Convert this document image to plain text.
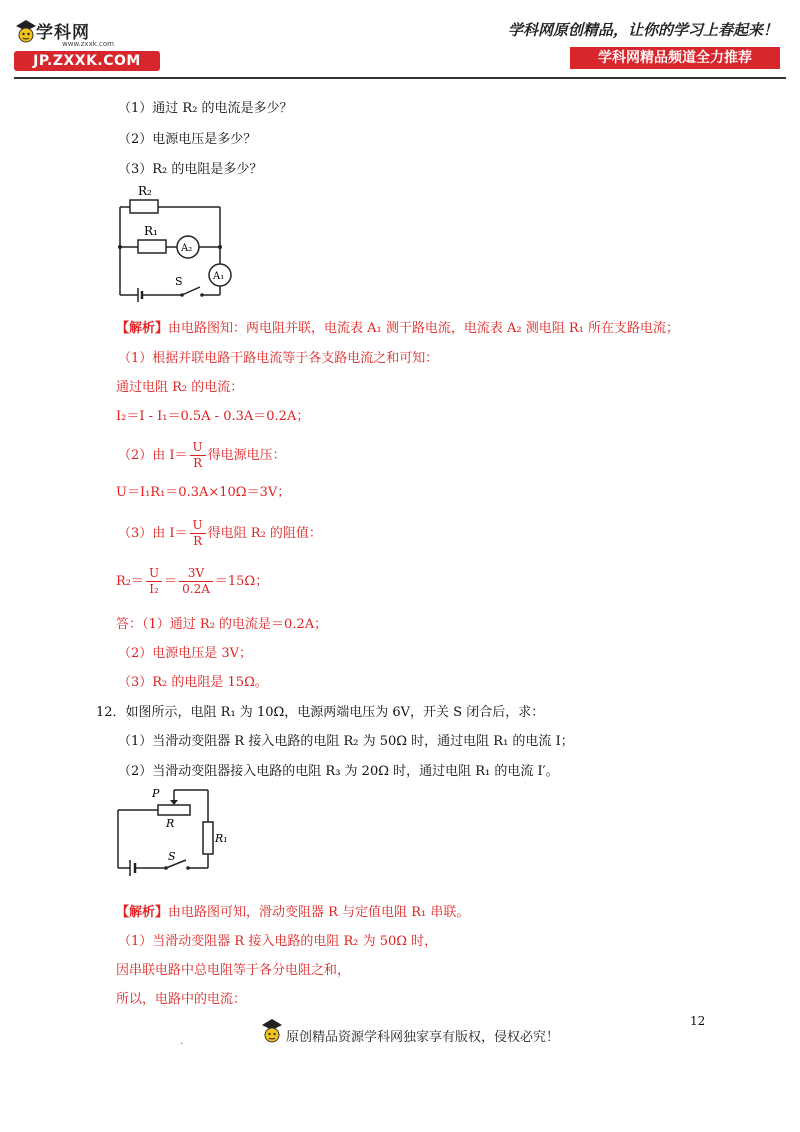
学科网
www.zxxk.com
JP.ZXXK.COM
学科网原创精品，让你的学习上春起来！
学科网精品频道全力推荐
（1）通过 R₂ 的电流是多少？
（2）电源电压是多少？
（3）R₂ 的电阻是多少？
R₂
R₁
A₂
A₁
S
【解析】由电路图知：两电阻并联，电流表 A₁ 测干路电流，电流表 A₂ 测电阻 R₁ 所在支路电流；
（1）根据并联电路干路电流等于各支路电流之和可知：
通过电阻 R₂ 的电流：
I₂＝I - I₁＝0.5A - 0.3A＝0.2A；
（2）由 $I= \frac{U}{R}$ 得电源电压：
U＝I₁R₁＝0.3A×10Ω＝3V；
（3）由 $I= \frac{U}{R}$ 得电阻 R₂ 的阻值：
$R_2= \frac{U}{\text{I₂}} = \frac{3V}{0.2A} =15\Omega$；
答：（1）通过 R₂ 的电流是＝0.2A；
（2）电源电压是 3V；
（3）R₂ 的电阻是 15Ω。
12．如图所示，电阻 R₁ 为 10Ω，电源两端电压为 6V，开关 S 闭合后，求：
（1）当滑动变阻器 R 接入电路的电阻 R₂ 为 50Ω 时，通过电阻 R₁ 的电流 I；
（2）当滑动变阻器接入电路的电阻 R₃ 为 20Ω 时，通过电阻 R₁ 的电流 I′。
P
R
R₁
S
【解析】由电路图可知，滑动变阻器 R 与定值电阻 R₁ 串联。
（1）当滑动变阻器 R 接入电路的电阻 R₂ 为 50Ω 时，
因串联电路中总电阻等于各分电阻之和，
所以，电路中的电流：
12
.	原创精品资源学科网独家享有版权，侵权必究！
